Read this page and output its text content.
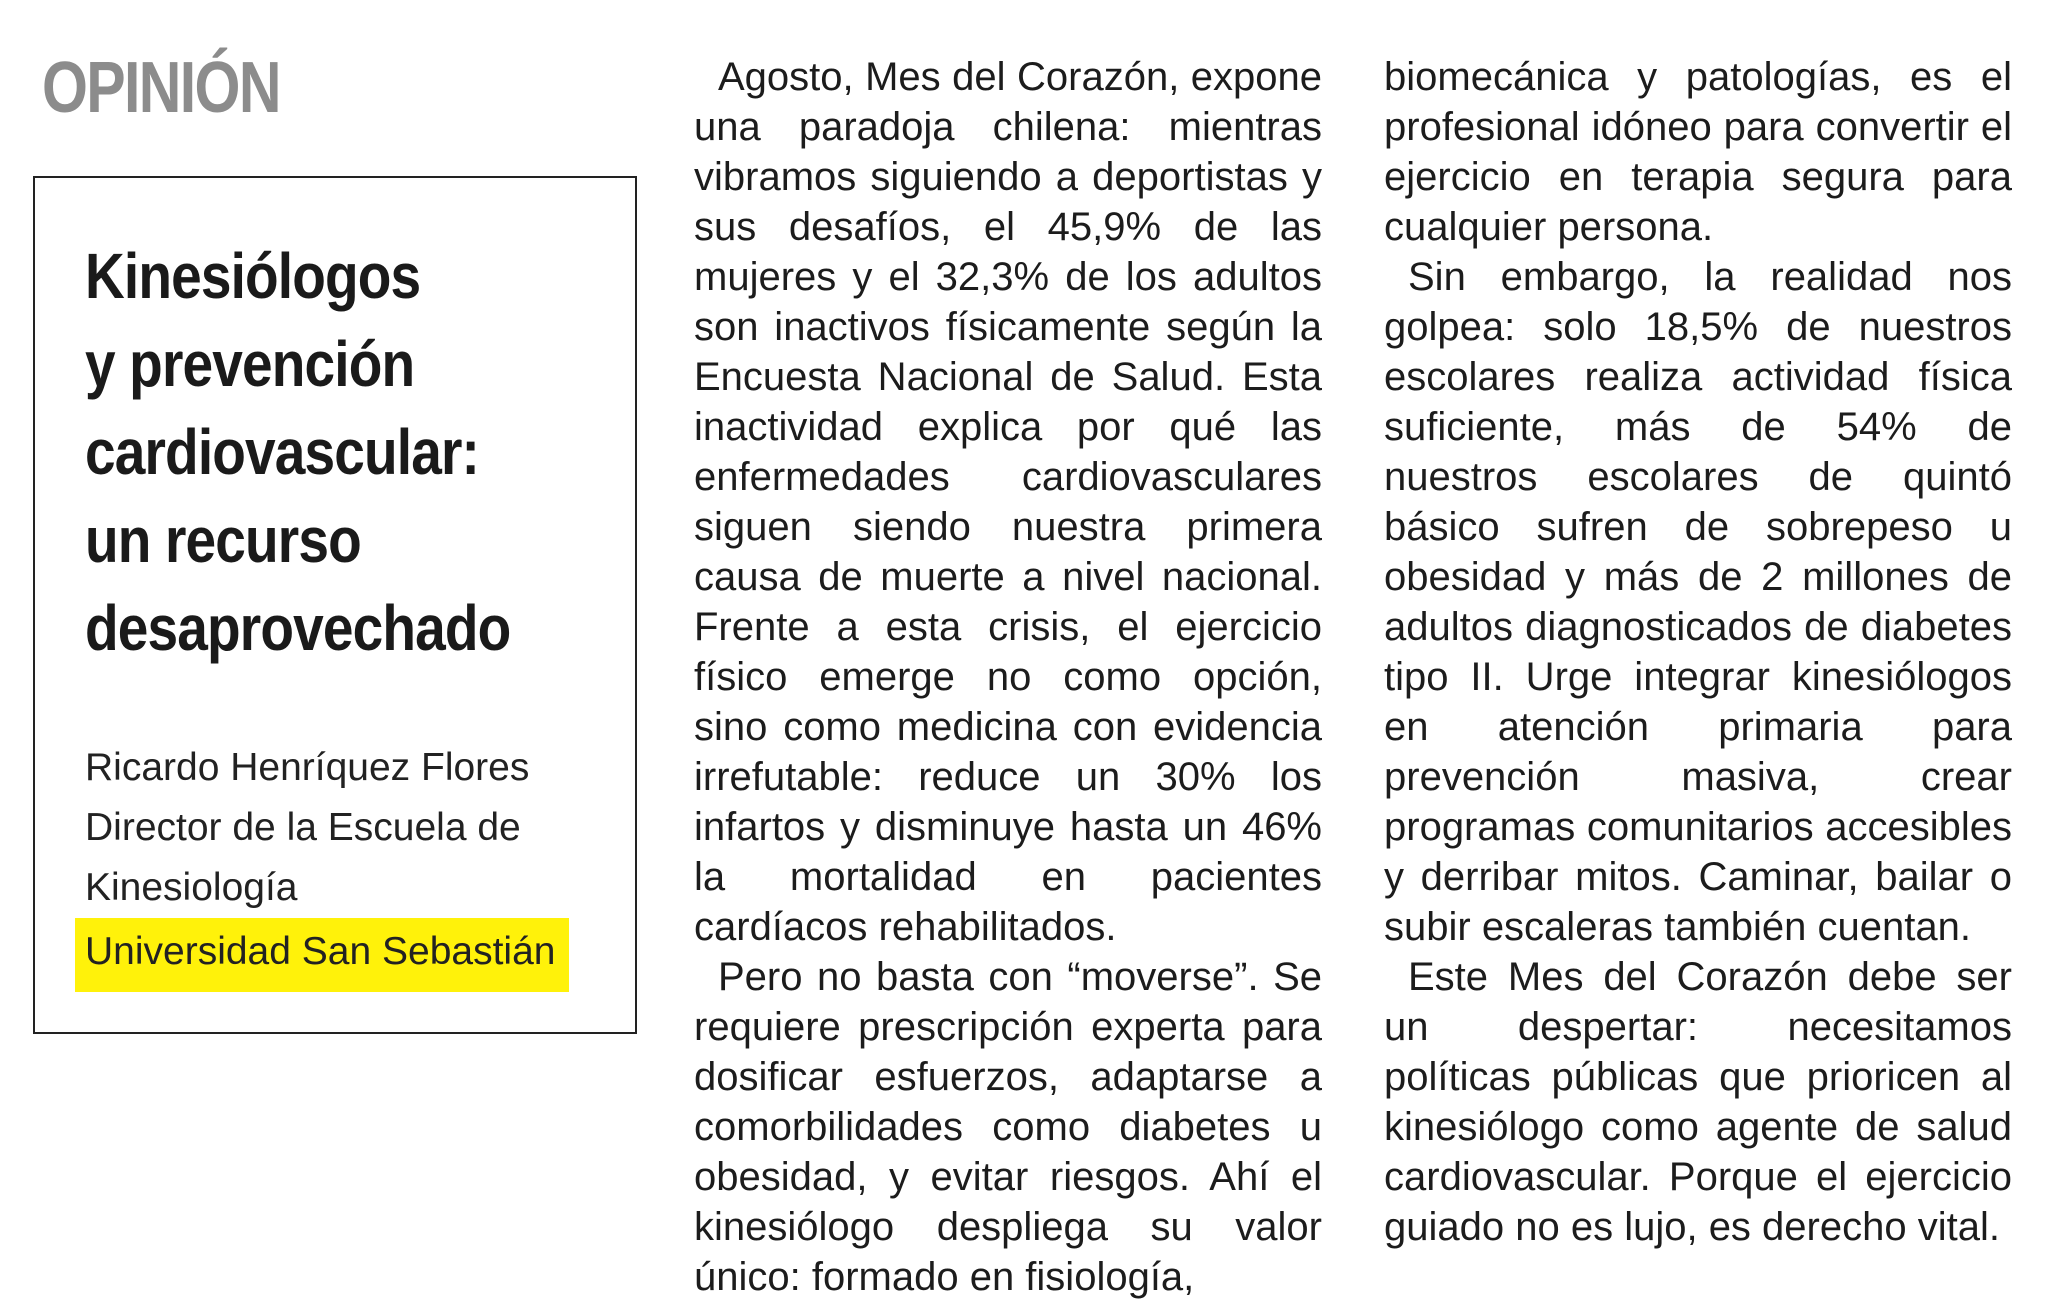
OPINIÓN
Kinesiólogos
y prevención
cardiovascular:
un recurso
desaprovechado
Ricardo Henríquez Flores
Director de la Escuela de
Kinesiología
Universidad San Sebastián

Agosto, Mes del Corazón, expone una paradoja chilena: mientras vibramos siguiendo a deportistas y sus desafíos, el 45,9% de las mujeres y el 32,3% de los adultos son inactivos físicamente según la Encuesta Nacional de Salud. Esta inactividad explica por qué las enfermedades cardiovasculares siguen siendo nuestra primera causa de muerte a nivel nacional. Frente a esta crisis, el ejercicio físico emerge no como opción, sino como medicina con evidencia irrefutable: reduce un 30% los infartos y disminuye hasta un 46% la mortalidad en pacientes cardíacos rehabilitados.

Pero no basta con “moverse”. Se requiere prescripción experta para dosificar esfuerzos, adaptarse a comorbilidades como diabetes u obesidad, y evitar riesgos. Ahí el kinesiólogo despliega su valor único: formado en fisiología,

biomecánica y patologías, es el profesional idóneo para convertir el ejercicio en terapia segura para cualquier persona.

Sin embargo, la realidad nos golpea: solo 18,5% de nuestros escolares realiza actividad física suficiente, más de 54% de nuestros escolares de quintó básico sufren de sobrepeso u obesidad y más de 2 millones de adultos diagnosticados de diabetes tipo II. Urge integrar kinesiólogos en atención primaria para prevención masiva, crear programas comunitarios accesibles y derribar mitos. Caminar, bailar o subir escaleras también cuentan.

Este Mes del Corazón debe ser un despertar: necesitamos políticas públicas que prioricen al kinesiólogo como agente de salud cardiovascular. Porque el ejercicio guiado no es lujo, es derecho vital.
